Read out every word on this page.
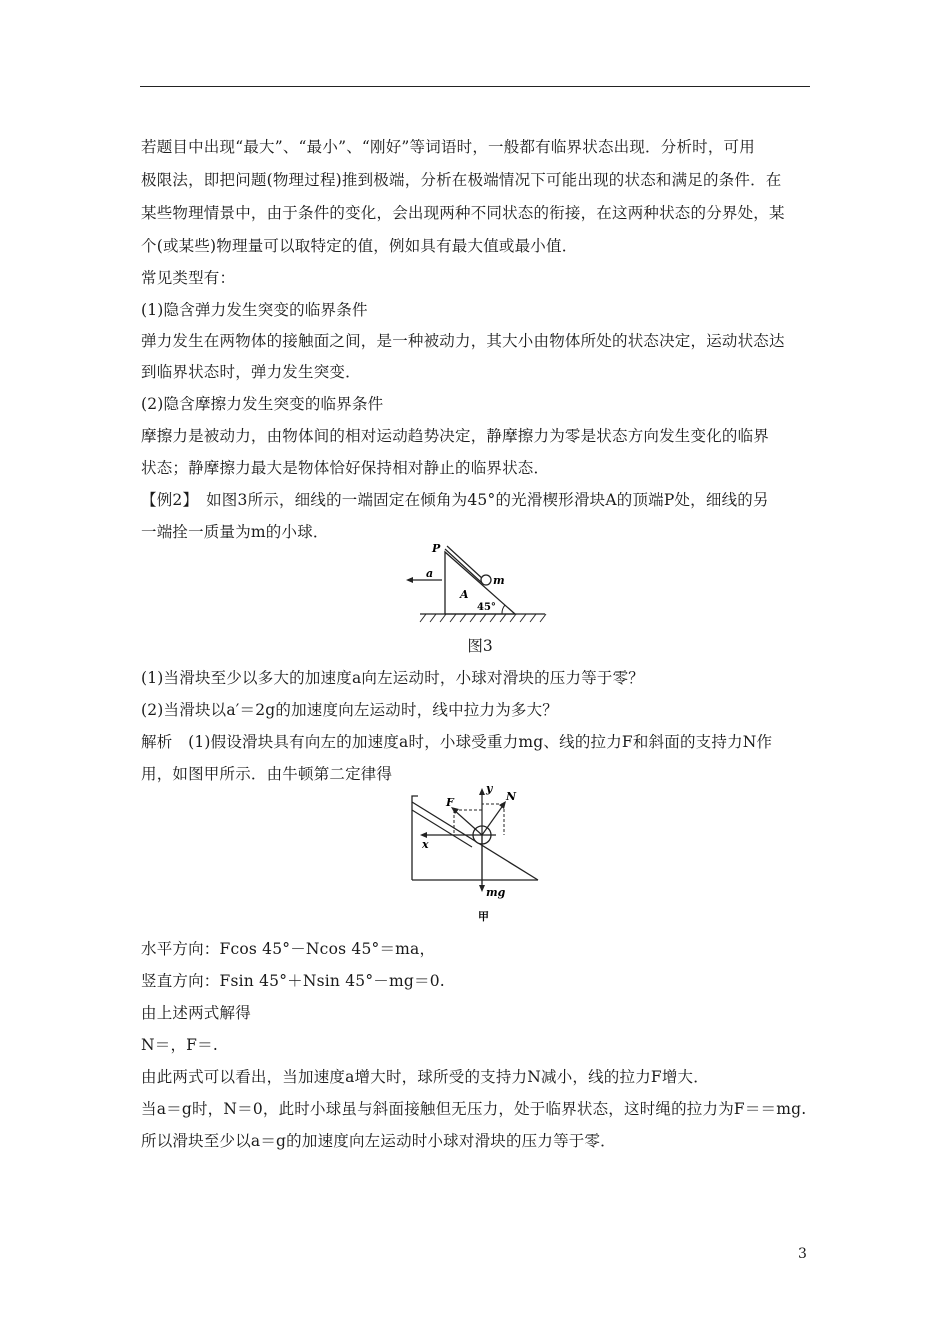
若题目中出现“最大”、“最小”、“刚好”等词语时，一般都有临界状态出现．分析时，可用
极限法，即把问题(物理过程)推到极端，分析在极端情况下可能出现的状态和满足的条件．在
某些物理情景中，由于条件的变化，会出现两种不同状态的衔接，在这两种状态的分界处，某
个(或某些)物理量可以取特定的值，例如具有最大值或最小值．
常见类型有：
(1)隐含弹力发生突变的临界条件
弹力发生在两物体的接触面之间，是一种被动力，其大小由物体所处的状态决定，运动状态达
到临界状态时，弹力发生突变．
(2)隐含摩擦力发生突变的临界条件
摩擦力是被动力，由物体间的相对运动趋势决定，静摩擦力为零是状态方向发生变化的临界
状态；静摩擦力最大是物体恰好保持相对静止的临界状态．
【例2】　如图3所示，细线的一端固定在倾角为45°的光滑楔形滑块A的顶端P处，细线的另
一端拴一质量为m的小球．
P
m
a
A
45°
图3
(1)当滑块至少以多大的加速度a向左运动时，小球对滑块的压力等于零？
(2)当滑块以a′＝2g的加速度向左运动时，线中拉力为多大？
解析　(1)假设滑块具有向左的加速度a时，小球受重力mg、线的拉力F和斜面的支持力N作
用，如图甲所示．由牛顿第二定律得
y
N
F
x
mg
甲
水平方向：Fcos 45°－Ncos 45°＝ma，
竖直方向：Fsin 45°＋Nsin 45°－mg＝0.
由上述两式解得
N＝，F＝.
由此两式可以看出，当加速度a增大时，球所受的支持力N减小，线的拉力F增大．
当a＝g时，N＝0，此时小球虽与斜面接触但无压力，处于临界状态，这时绳的拉力为F＝＝mg.
所以滑块至少以a＝g的加速度向左运动时小球对滑块的压力等于零．
3
